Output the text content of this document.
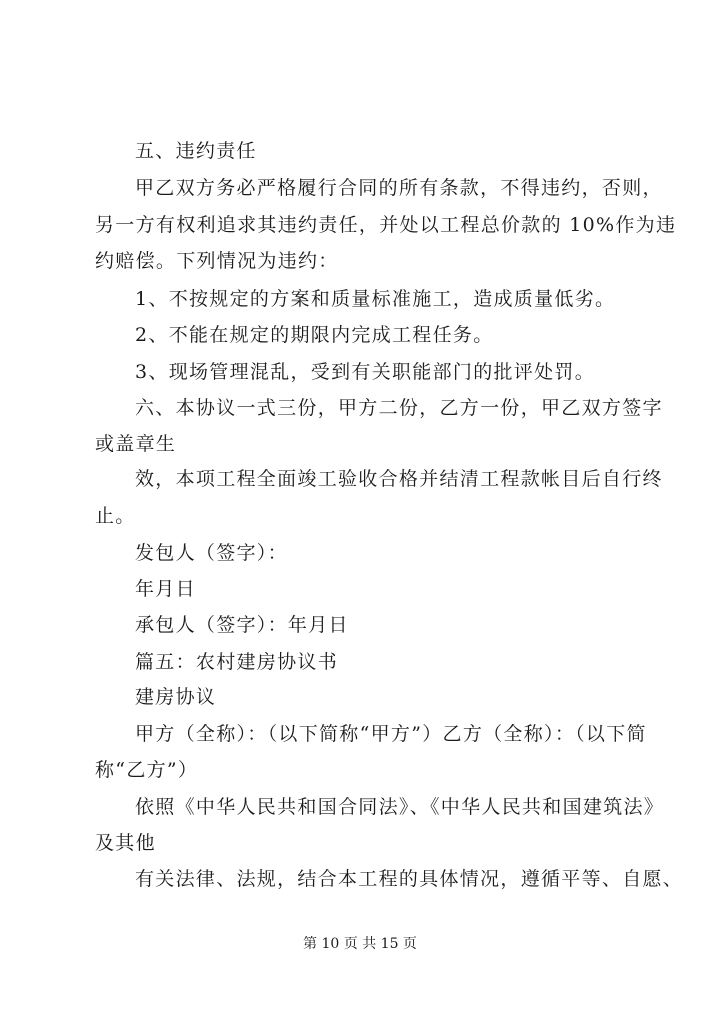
五、违约责任
甲乙双方务必严格履行合同的所有条款，不得违约，否则，
另一方有权利追求其违约责任，并处以工程总价款的 10%作为违
约赔偿。下列情况为违约：
1、不按规定的方案和质量标准施工，造成质量低劣。
2、不能在规定的期限内完成工程任务。
3、现场管理混乱，受到有关职能部门的批评处罚。
六、本协议一式三份，甲方二份，乙方一份，甲乙双方签字
或盖章生
效，本项工程全面竣工验收合格并结清工程款帐目后自行终
止。
发包人（签字）：
年月日
承包人（签字）：年月日
篇五：农村建房协议书
建房协议
甲方（全称）：（以下简称“甲方”）乙方（全称）：（以下简
称“乙方”）
依照《中华人民共和国合同法》、《中华人民共和国建筑法》
及其他
有关法律、法规，结合本工程的具体情况，遵循平等、自愿、
第 10 页 共 15 页
